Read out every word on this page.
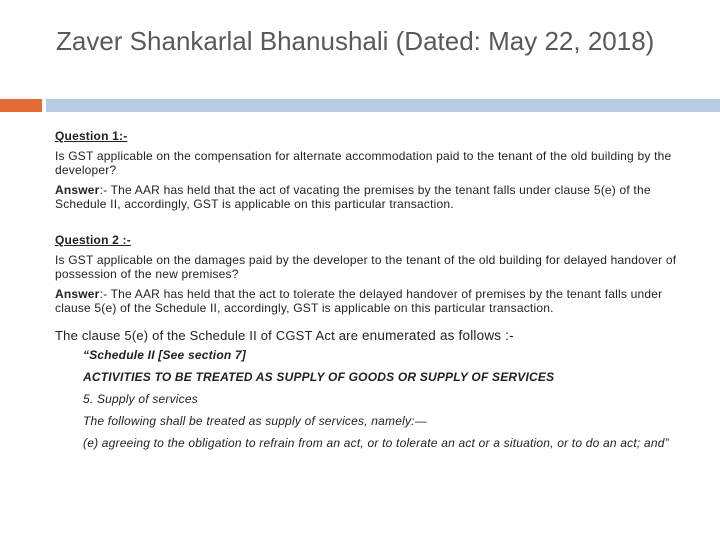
Zaver Shankarlal Bhanushali (Dated: May 22, 2018)

Question 1:-

Is GST applicable on the compensation for alternate accommodation paid to the tenant of the old building by the developer?

Answer:- The AAR has held that the act of vacating the premises by the tenant falls under clause 5(e) of the Schedule II, accordingly, GST is applicable on this particular transaction.

Question 2 :-

Is GST applicable on the damages paid by the developer to the tenant of the old building for delayed handover of possession of the new premises?

Answer:- The AAR has held that the act to tolerate the delayed handover of premises by the tenant falls under clause 5(e) of the Schedule II, accordingly, GST is applicable on this particular transaction.

The clause 5(e) of the Schedule II of CGST Act are enumerated as follows :-

“Schedule II [See section 7]

ACTIVITIES TO BE TREATED AS SUPPLY OF GOODS OR SUPPLY OF SERVICES

5. Supply of services

The following shall be treated as supply of services, namely:—

(e) agreeing to the obligation to refrain from an act, or to tolerate an act or a situation, or to do an act; and”
